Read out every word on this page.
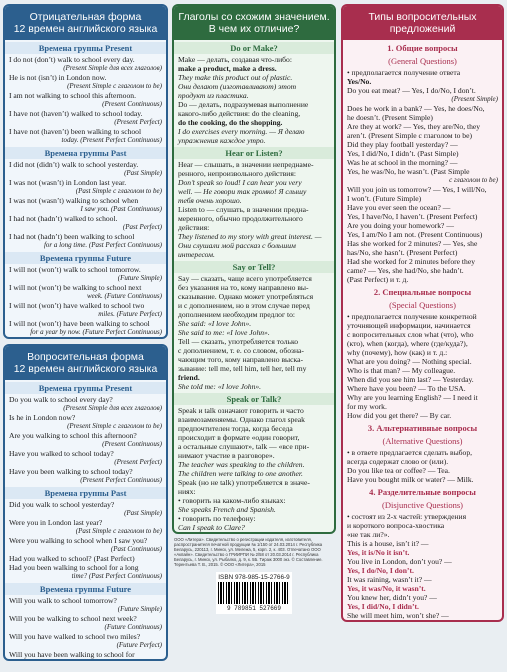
Отрицательная форма
12 времен английского языка
Времена группы Present
I do not (don’t) walk to school every day.
(Present Simple для всех глаголов)
He is not (isn’t) in London now.
(Present Simple с глаголом to be)
I am not walking to school this afternoon.
(Present Continuous)
I have not (haven’t) walked to school today.
(Present Perfect)
I have not (haven’t) been walking to school
today. (Present Perfect Continuous)
Времена группы Past
I did not (didn’t) walk to school yesterday.
(Past Simple)
I was not (wasn’t) in London last year.
(Past Simple с глаголом to be)
I was not (wasn’t) walking to school when
I saw you. (Past Continuous)
I had not (hadn’t) walked to school.
(Past Perfect)
I had not (hadn’t) been walking to school
for a long time. (Past Perfect Continuous)
Времена группы Future
I will not (won’t) walk to school tomorrow.
(Future Simple)
I will not (won’t) be walking to school next
week. (Future Continuous)
I will not (won’t) have walked to school two
miles. (Future Perfect)
I will not (won’t) have been walking to school
for a year by now. (Future Perfect Continuous)
Вопросительная форма
12 времен английского языка
Времена группы Present
Do you walk to school every day?
(Present Simple для всех глаголов)
Is he in London now?
(Present Simple с глаголом to be)
Are you walking to school this afternoon?
(Present Continuous)
Have you walked to school today?
(Present Perfect)
Have you been walking to school today?
(Present Perfect Continuous)
Времена группы Past
Did you walk to school yesterday?
(Past Simple)
Were you in London last year?
(Past Simple с глаголом to be)
Were you walking to school when I saw you?
(Past Continuous)
Had you walked to school? (Past Perfect)
Had you been walking to school for a long
time? (Past Perfect Continuous)
Времена группы Future
Will you walk to school tomorrow?
(Future Simple)
Will you be walking to school next week?
(Future Continuous)
Will you have walked to school two miles?
(Future Perfect)
Will you have been walking to school for
Глаголы со схожим значением.
В чем их отличие?
Do or Make?
Make — делать, создавая что-либо:
make a product, make a dress.
They make this product out of plastic.
Они делают (изготавливают) этот
продукт из пластика.
Do — делать, подразумевая выполнение
какого-либо действия: do the cleaning,
do the cooking, do the shopping.
I do exercises every morning. — Я делаю
упражнения каждое утро.
Hear or Listen?
Hear — слышать, в значении непреднаме-
ренного, непроизвольного действия:
Don’t speak so loud! I can hear you very
well. — Не говори так громко! Я слышу
тебя очень хорошо.
Listen to — слушать, в значении предна-
меренного, обычно продолжительного
действия:
They listened to my story with great interest. —
Они слушали мой рассказ с большим
интересом.
Say or Tell?
Say — сказать, чаще всего употребляется
без указания на то, кому направлено вы-
сказывание. Однако может употребляться
и с дополнением, но в этом случае перед
дополнением необходим предлог to:
She said: «I love John».
She said to me: «I love John».
Tell — сказать, употребляется только
с дополнением, т. е. со словом, обозна-
чающим того, кому направлено выска-
зывание: tell me, tell him, tell her, tell my
friend.
She told me: «I love John».
Speak or Talk?
Speak и talk означают говорить и часто
взаимозаменяемы. Однако глагол speak
предпочтителен тогда, когда беседа
происходит в формате «один говорит,
а остальные слушают», talk — «все при-
нимают участие в разговоре».
The teacher was speaking to the children.
The children were talking to one another.
Speak (но не talk) употребляется в значе-
ниях:
• говорить на каком-либо языках:
She speaks French and Spanish.
• говорить по телефону:
Can I speak to Clare?
ООО «Литера». Свидетельство о регистрации издателя, изготовителя, распространителя печатной продукции № 1/150 от 24.03.2014 г. Республика Беларусь, 220113, г. Минск, ул. Мележа, 5, корп. 2, к. 403. Отпечатано ООО «Акпайн». Свидетельство о ГРИИРПИ № 2/58 от 20.03.2014 г. Республика Беларусь, г. Минск, ул. Рыбалко, д. 9, к. 5Б. Тираж 3000 экз. © Составление. Терентьева Т. В., 2015. © ООО «Литера», 2015
ISBN 978-985-15-2766-9
9 789851 527669
Типы вопросительных
предложений
1. Общие вопросы
(General Questions)
• предполагается получение ответа
Yes/No.
Do you eat meat? — Yes, I do/No, I don’t.
(Present Simple)
Does he work in a bank? — Yes, he does/No,
he doesn’t. (Present Simple)
Are they at work? — Yes, they are/No, they
aren’t. (Present Simple с глаголом to be)
Did they play football yesterday? —
Yes, I did/No, I didn’t. (Past Simple)
Was he at school in the morning? —
Yes, he was/No, he wasn’t. (Past Simple
с глаголом to be)
Will you join us tomorrow? — Yes, I will/No,
I won’t. (Future Simple)
Have you ever seen the ocean? —
Yes, I have/No, I haven’t. (Present Perfect)
Are you doing your homework? —
Yes, I am/No I am not. (Present Continuous)
Has she worked for 2 minutes? — Yes, she
has/No, she hasn’t. (Present Perfect)
Had she worked for 2 minutes before they
came? — Yes, she had/No, she hadn’t.
(Past Perfect) и т. д.
2. Специальные вопросы
(Special Questions)
• предполагается получение конкретной
уточняющей информации, начинается
с вопросительных слов what (что), who
(кто), when (когда), where (где/куда?),
why (почему), how (как) и т. д.:
What are you doing? — Nothing special.
Who is that man? — My colleague.
When did you see him last? — Yesterday.
Where have you been? — To the USA.
Why are you learning English? — I need it
for my work.
How did you get there? — By car.
3. Альтернативные вопросы
(Alternative Questions)
• в ответе предлагается сделать выбор,
всегда содержат слово or (или).
Do you like tea or coffee? — Tea.
Have you bought milk or water? — Milk.
4. Разделительные вопросы
(Disjunctive Questions)
• состоят из 2-х частей: утверждения
и короткого вопроса-хвостика
«не так ли?».
This is a house, isn’t it? —
Yes, it is/No it isn’t.
You live in London, don’t you? —
Yes, I do/No, I don’t.
It was raining, wasn’t it? —
Yes, it was/No, it wasn’t.
You knew her, didn’t you? —
Yes, I did/No, I didn’t.
She will meet him, won’t she? —
